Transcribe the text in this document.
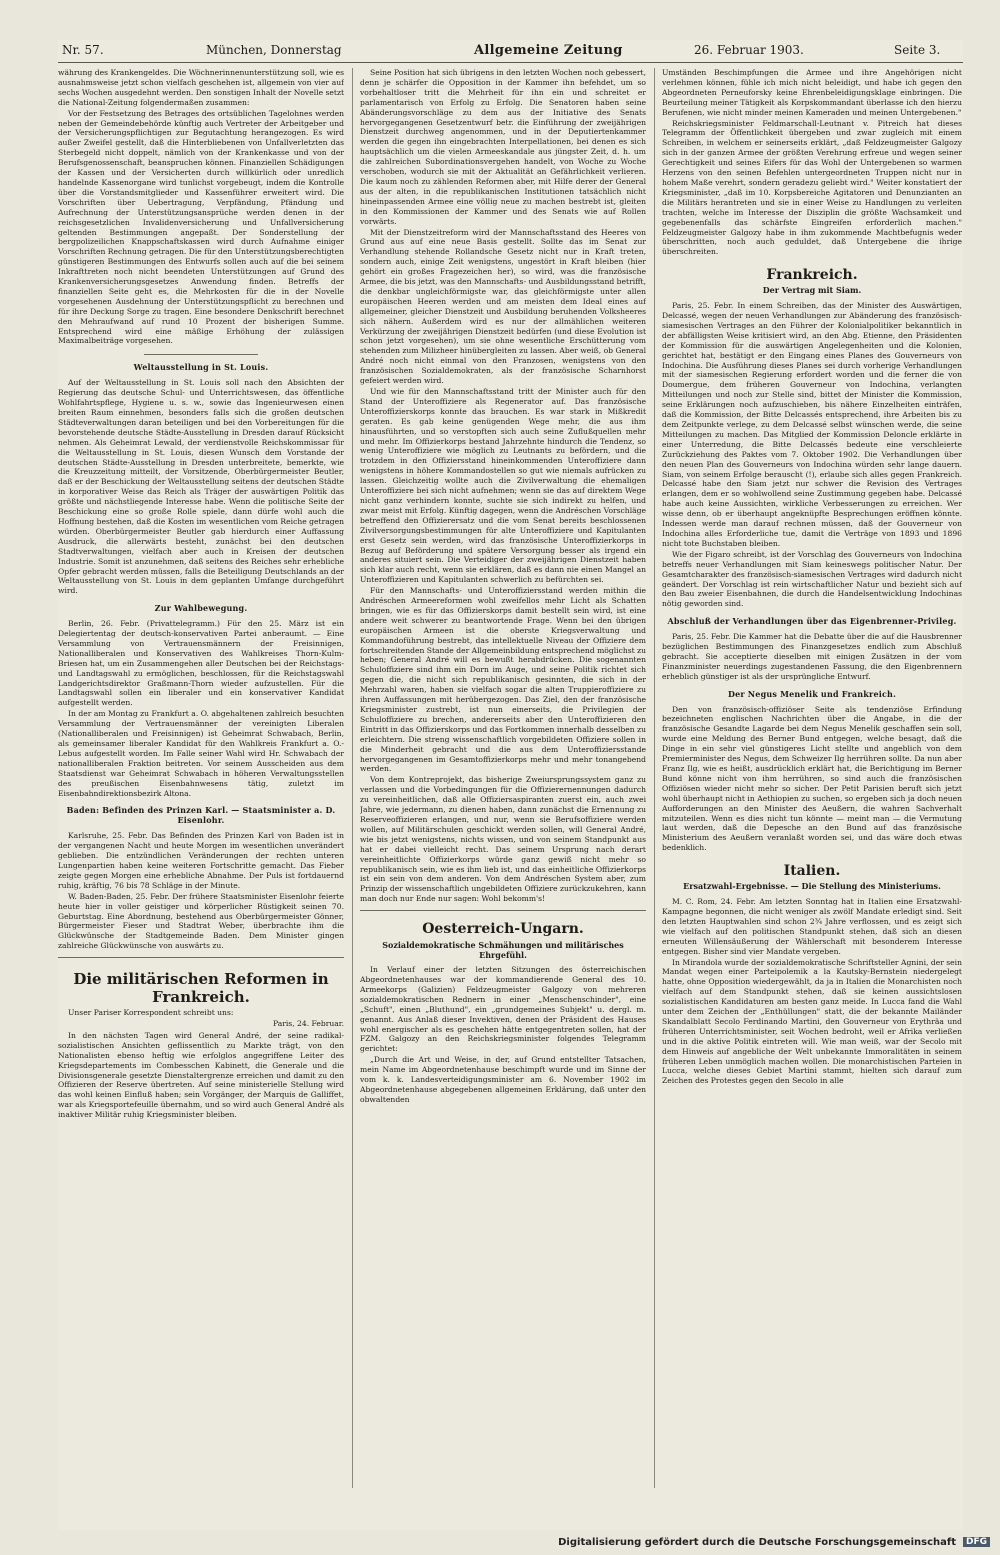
Nr. 57.	München, Donnerstag	Allgemeine Zeitung	26. Februar 1903.	Seite 3.

währung des Krankengeldes. Die Wöchnerinnenunterstützung soll, wie es ausnahmsweise jetzt schon vielfach geschehen ist, allgemein von vier auf sechs Wochen ausgedehnt werden. Den sonstigen Inhalt der Novelle setzt die National-Zeitung folgendermaßen zusammen:

Vor der Festsetzung des Betrages des ortsüblichen Tagelohnes werden neben der Gemeindebehörde künftig auch Vertreter der Arbeitgeber und der Versicherungspflichtigen zur Begutachtung herangezogen. Es wird außer Zweifel gestellt, daß die Hinterbliebenen von Unfallverletzten das Sterbegeld nicht doppelt, nämlich von der Krankenkasse und von der Berufsgenossenschaft, beanspruchen können. Finanziellen Schädigungen der Kassen und der Versicherten durch willkürlich oder unredlich handelnde Kassenorgane wird tunlichst vorgebeugt, indem die Kontrolle über die Vorstandsmitglieder und Kassenführer erweitert wird. Die Vorschriften über Uebertragung, Verpfändung, Pfändung und Aufrechnung der Unterstützungsansprüche werden denen in der reichsgesetzlichen Invalidenversicherung und Unfallversicherung geltenden Bestimmungen angepaßt. Der Sonderstellung der bergpolizeilichen Knappschaftskassen wird durch Aufnahme einiger Vorschriften Rechnung getragen. Die für den Unterstützungsberechtigten günstigeren Bestimmungen des Entwurfs sollen auch auf die bei seinem Inkrafttreten noch nicht beendeten Unterstützungen auf Grund des Krankenversicherungsgesetzes Anwendung finden. Betreffs der finanziellen Seite geht es, die Mehrkosten für die in der Novelle vorgesehenen Ausdehnung der Unterstützungspflicht zu berechnen und für ihre Deckung Sorge zu tragen. Eine besondere Denkschrift berechnet den Mehraufwand auf rund 10 Prozent der bisherigen Summe. Entsprechend wird eine mäßige Erhöhung der zulässigen Maximalbeiträge vorgesehen.

Weltausstellung in St. Louis.

Auf der Weltausstellung in St. Louis soll nach den Absichten der Regierung das deutsche Schul- und Unterrichtswesen, das öffentliche Wohlfahrtspflege, Hygiene u. s. w., sowie das Ingenieurwesen einen breiten Raum einnehmen, besonders falls sich die großen deutschen Städteverwaltungen daran beteiligen und bei den Vorbereitungen für die bevorstehende deutsche Städte-Ausstellung in Dresden darauf Rücksicht nehmen. Als Geheimrat Lewald, der verdienstvolle Reichskommissar für die Weltausstellung in St. Louis, diesen Wunsch dem Vorstande der deutschen Städte-Ausstellung in Dresden unterbreitete, bemerkte, wie die Kreuzzeitung mitteilt, der Vorsitzende, Oberbürgermeister Beutler, daß er der Beschickung der Weltausstellung seitens der deutschen Städte in korporativer Weise das Reich als Träger der auswärtigen Politik das größte und nächstliegende Interesse habe. Wenn die politische Seite der Beschickung eine so große Rolle spiele, dann dürfe wohl auch die Hoffnung bestehen, daß die Kosten im wesentlichen vom Reiche getragen würden. Oberbürgermeister Beutler gab hierdurch einer Auffassung Ausdruck, die allerwärts besteht, zunächst bei den deutschen Stadtverwaltungen, vielfach aber auch in Kreisen der deutschen Industrie. Somit ist anzunehmen, daß seitens des Reiches sehr erhebliche Opfer gebracht werden müssen, falls die Beteiligung Deutschlands an der Weltausstellung von St. Louis in dem geplanten Umfange durchgeführt wird.

Zur Wahlbewegung.

Berlin, 26. Febr. (Privattelegramm.) Für den 25. März ist ein Delegiertentag der deutsch-konservativen Partei anberaumt. — Eine Versammlung von Vertrauensmännern der Freisinnigen, Nationalliberalen und Konservativen des Wahlkreises Thorn-Kulm-Briesen hat, um ein Zusammengehen aller Deutschen bei der Reichstags- und Landtagswahl zu ermöglichen, beschlossen, für die Reichstagswahl Landgerichtsdirektor Graßmann-Thorn wieder aufzustellen. Für die Landtagswahl sollen ein liberaler und ein konservativer Kandidat aufgestellt werden.

In der am Montag zu Frankfurt a. O. abgehaltenen zahlreich besuchten Versammlung der Vertrauensmänner der vereinigten Liberalen (Nationalliberalen und Freisinnigen) ist Geheimrat Schwabach, Berlin, als gemeinsamer liberaler Kandidat für den Wahlkreis Frankfurt a. O.-Lebus aufgestellt worden. Im Falle seiner Wahl wird Hr. Schwabach der nationalliberalen Fraktion beitreten. Vor seinem Ausscheiden aus dem Staatsdienst war Geheimrat Schwabach in höheren Verwaltungsstellen des preußischen Eisenbahnwesens tätig, zuletzt im Eisenbahndirektionsbezirk Altona.

Baden: Befinden des Prinzen Karl. — Staatsminister a. D. Eisenlohr.

Karlsruhe, 25. Febr. Das Befinden des Prinzen Karl von Baden ist in der vergangenen Nacht und heute Morgen im wesentlichen unverändert geblieben. Die entzündlichen Veränderungen der rechten unteren Lungenpartien haben keine weiteren Fortschritte gemacht. Das Fieber zeigte gegen Morgen eine erhebliche Abnahme. Der Puls ist fortdauernd ruhig, kräftig, 76 bis 78 Schläge in der Minute.

W. Baden-Baden, 25. Febr. Der frühere Staatsminister Eisenlohr feierte heute hier in voller geistiger und körperlicher Rüstigkeit seinen 70. Geburtstag. Eine Abordnung, bestehend aus Oberbürgermeister Gönner, Bürgermeister Fieser und Stadtrat Weber, überbrachte ihm die Glückwünsche der Stadtgemeinde Baden. Dem Minister gingen zahlreiche Glückwünsche von auswärts zu.

Die militärischen Reformen in Frankreich.

Unser Pariser Korrespondent schreibt uns:

Paris, 24. Februar.

In den nächsten Tagen wird General André, der seine radikal-sozialistischen Ansichten geflissentlich zu Markte trägt, von den Nationalisten ebenso heftig wie erfolglos angegriffene Leiter des Kriegsdepartements im Combesschen Kabinett, die Generale und die Divisionsgenerale gesetzte Dienstaltergrenze erreichen und damit zu den Offizieren der Reserve übertreten. Auf seine ministerielle Stellung wird das wohl keinen Einfluß haben; sein Vorgänger, der Marquis de Galliffet, war als Kriegsportefeuille übernahm, und so wird auch General André als inaktiver Militär ruhig Kriegsminister bleiben.

Seine Position hat sich übrigens in den letzten Wochen noch gebessert, denn je schärfer die Opposition in der Kammer ihn befehdet, um so vorbehaltloser tritt die Mehrheit für ihn ein und schreitet er parlamentarisch von Erfolg zu Erfolg. Die Senatoren haben seine Abänderungsvorschläge zu dem aus der Initiative des Senats hervorgegangenen Gesetzentwurf betr. die Einführung der zweijährigen Dienstzeit durchweg angenommen, und in der Deputiertenkammer werden die gegen ihn eingebrachten Interpellationen, bei denen es sich hauptsächlich um die vielen Armeeskandale aus jüngster Zeit, d. h. um die zahlreichen Subordinationsvergehen handelt, von Woche zu Woche verschoben, wodurch sie mit der Aktualität an Gefährlichkeit verlieren. Die kaum noch zu zählenden Reformen aber, mit Hilfe derer der General aus der alten, in die republikanischen Institutionen tatsächlich nicht hineinpassenden Armee eine völlig neue zu machen bestrebt ist, gleiten in den Kommissionen der Kammer und des Senats wie auf Rollen vorwärts.

Mit der Dienstzeitreform wird der Mannschaftsstand des Heeres von Grund aus auf eine neue Basis gestellt. Sollte das im Senat zur Verhandlung stehende Rollandsche Gesetz nicht nur in Kraft treten, sondern auch, einige Zeit wenigstens, ungestört in Kraft bleiben (hier gehört ein großes Fragezeichen her), so wird, was die französische Armee, die bis jetzt, was den Mannschafts- und Ausbildungsstand betrifft, die denkbar ungleichförmigste war, das gleichförmigste unter allen europäischen Heeren werden und am meisten dem Ideal eines auf allgemeiner, gleicher Dienstzeit und Ausbildung beruhenden Volksheeres sich nähern. Außerdem wird es nur der allmählichen weiteren Verkürzung der zweijährigen Dienstzeit bedürfen (und diese Evolution ist schon jetzt vorgesehen), um sie ohne wesentliche Erschütterung vom stehenden zum Milizheer hinübergleiten zu lassen. Aber weiß, ob General André noch nicht einmal von den Franzosen, wenigstens von den französischen Sozialdemokraten, als der französische Scharnhorst gefeiert werden wird.

Und wie für den Mannschaftsstand tritt der Minister auch für den Stand der Unteroffiziere als Regenerator auf. Das französische Unteroffizierskorps konnte das brauchen. Es war stark in Mißkredit geraten. Es gab keine genügenden Wege mehr, die aus ihm hinausführten, und so verstopften sich auch seine Zuflußquellen mehr und mehr. Im Offizierkorps bestand Jahrzehnte hindurch die Tendenz, so wenig Unteroffiziere wie möglich zu Leutnants zu befördern, und die trotzdem in den Offiziersstand hineinkommenden Unteroffiziere dann wenigstens in höhere Kommandostellen so gut wie niemals aufrücken zu lassen. Gleichzeitig wollte auch die Zivilverwaltung die ehemaligen Unteroffiziere bei sich nicht aufnehmen; wenn sie das auf direktem Wege nicht ganz verhindern konnte, suchte sie sich indirekt zu helfen, und zwar meist mit Erfolg. Künftig dagegen, wenn die Andréschen Vorschläge betreffend den Offizierersatz und die vom Senat bereits beschlossenen Zivilversorgungsbestimmungen für alte Unteroffiziere und Kapitulanten erst Gesetz sein werden, wird das französische Unteroffizierkorps in Bezug auf Beförderung und spätere Versorgung besser als irgend ein anderes situiert sein. Die Verteidiger der zweijährigen Dienstzeit haben sich klar auch recht, wenn sie erklären, daß es dann nie einen Mangel an Unteroffizieren und Kapitulanten schwerlich zu befürchten sei.

Für den Mannschafts- und Unteroffiziersstand werden mithin die Andréschen Armeereformen wohl zweifellos mehr Licht als Schatten bringen, wie es für das Offizierskorps damit bestellt sein wird, ist eine andere weit schwerer zu beantwortende Frage. Wenn bei den übrigen europäischen Armeen ist die oberste Kriegsverwaltung und Kommandoführung bestrebt, das intellektuelle Niveau der Offiziere dem fortschreitenden Stande der Allgemeinbildung entsprechend möglichst zu heben; General André will es bewußt herabdrücken. Die sogenannten Schuloffiziere sind ihm ein Dorn im Auge, und seine Politik richtet sich gegen die, die nicht sich republikanisch gesinnten, die sich in der Mehrzahl waren, haben sie vielfach sogar die alten Truppieroffiziere zu ihren Auffassungen mit herübergezogen. Das Ziel, den der französische Kriegsminister zustrebt, ist nun einerseits, die Privilegien der Schuloffiziere zu brechen, andererseits aber den Unteroffizieren den Eintritt in das Offizierskorps und das Fortkommen innerhalb desselben zu erleichtern. Die streng wissenschaftlich vorgebildeten Offiziere sollen in die Minderheit gebracht und die aus dem Unteroffiziersstande hervorgegangenen im Gesamtoffizierkorps mehr und mehr tonangebend werden.

Von dem Kontreprojekt, das bisherige Zweiursprungssystem ganz zu verlassen und die Vorbedingungen für die Offizierernennungen dadurch zu vereinheitlichen, daß alle Offiziersaspiranten zuerst ein, auch zwei Jahre, wie jedermann, zu dienen haben, dann zunächst die Ernennung zu Reserveoffizieren erlangen, und nur, wenn sie Berufsoffiziere werden wollen, auf Militärschulen geschickt werden sollen, will General André, wie bis jetzt wenigstens, nichts wissen, und von seinem Standpunkt aus hat er dabei vielleicht recht. Das seinem Ursprung nach derart vereinheitlichte Offizierkorps würde ganz gewiß nicht mehr so republikanisch sein, wie es ihm lieb ist, und das einheitliche Offizierkorps ist ein sein von dem anderen. Von dem Andréschen System aber, zum Prinzip der wissenschaftlich ungebildeten Offiziere zurückzukehren, kann man doch nur Ende nur sagen: Wohl bekomm's!

Oesterreich-Ungarn.
Sozialdemokratische Schmähungen und militärisches Ehrgefühl.

In Verlauf einer der letzten Sitzungen des österreichischen Abgeordnetenhauses war der kommandierende General des 10. Armeekorps (Galizien) Feldzeugmeister Galgozy von mehreren sozialdemokratischen Rednern in einer „Menschenschinder", eine „Schuft", einen „Bluthund", ein „grundgemeines Subjekt" u. dergl. m. genannt. Aus Anlaß dieser Invektiven, denen der Präsident des Hauses wohl energischer als es geschehen hätte entgegentreten sollen, hat der FZM. Galgozy an den Reichskriegsminister folgendes Telegramm gerichtet:

„Durch die Art und Weise, in der, auf Grund entstellter Tatsachen, mein Name im Abgeordnetenhause beschimpft wurde und im Sinne der vom k. k. Landesverteidigungsminister am 6. November 1902 im Abgeordnetenhause abgegebenen allgemeinen Erklärung, daß unter den obwaltenden

Umständen Beschimpfungen die Armee und ihre Angehörigen nicht verlehmen können, fühle ich mich nicht beleidigt, und habe ich gegen den Abgeordneten Perneuforsky keine Ehrenbeleidigungsklage einbringen. Die Beurteilung meiner Tätigkeit als Korpskommandant überlasse ich den hierzu Berufenen, wie nicht minder meinen Kameraden und meinen Untergebenen."

Reichskriegsminister Feldmarschall-Leutnant v. Pitreich hat dieses Telegramm der Öffentlichkeit übergeben und zwar zugleich mit einem Schreiben, in welchem er seinerseits erklärt, „daß Feldzeugmeister Galgozy sich in der ganzen Armee der größten Verehrung erfreue und wegen seiner Gerechtigkeit und seines Eifers für das Wohl der Untergebenen so warmen Herzens von den seinen Befehlen untergeordneten Truppen nicht nur in hohem Maße verehrt, sondern geradezu geliebt wird." Weiter konstatiert der Kriegsminister, „daß im 10. Korpsbereiche Agitatoren und Denunzianten an die Militärs herantreten und sie in einer Weise zu Handlungen zu verleiten trachten, welche im Interesse der Disziplin die größte Wachsamkeit und gegebenenfalls das schärfste Eingreifen erforderlich machen." Feldzeugmeister Galgozy habe in ihm zukommende Machtbefugnis weder überschritten, noch auch geduldet, daß Untergebene die ihrige überschreiten.

Frankreich.
Der Vertrag mit Siam.

Paris, 25. Febr. In einem Schreiben, das der Minister des Auswärtigen, Delcassé, wegen der neuen Verhandlungen zur Abänderung des französisch-siamesischen Vertrages an den Führer der Kolonialpolitiker bekanntlich in der abfälligsten Weise kritisiert wird, an den Abg. Etienne, den Präsidenten der Kommission für die auswärtigen Angelegenheiten und die Kolonien, gerichtet hat, bestätigt er den Eingang eines Planes des Gouverneurs von Indochina. Die Ausführung dieses Planes sei durch vorherige Verhandlungen mit der siamesischen Regierung erfordert worden und die ferner die von Doumergue, dem früheren Gouverneur von Indochina, verlangten Mitteilungen und noch zur Stelle sind, bittet der Minister die Kommission, seine Erklärungen noch aufzuschieben, bis nähere Einzelheiten einträfen, daß die Kommission, der Bitte Delcassés entsprechend, ihre Arbeiten bis zu dem Zeitpunkte verlege, zu dem Delcassé selbst wünschen werde, die seine Mitteilungen zu machen. Das Mitglied der Kommission Deloncle erklärte in einer Unterredung, die Bitte Delcassés bedeute eine verschleierte Zurückziehung des Paktes vom 7. Oktober 1902. Die Verhandlungen über den neuen Plan des Gouverneurs von Indochina würden sehr lange dauern. Siam, von seinem Erfolge berauscht (!), erlaube sich alles gegen Frankreich. Delcassé habe den Siam jetzt nur schwer die Revision des Vertrages erlangen, dem er so wohlwollend seine Zustimmung gegeben habe. Delcassé habe auch keine Aussichten, wirkliche Verbesserungen zu erreichen. Wer wisse denn, ob er überhaupt angeknüpfte Besprechungen eröffnen könnte. Indessen werde man darauf rechnen müssen, daß der Gouverneur von Indochina alles Erforderliche tue, damit die Verträge von 1893 und 1896 nicht tote Buchstaben bleiben.

Wie der Figaro schreibt, ist der Vorschlag des Gouverneurs von Indochina betreffs neuer Verhandlungen mit Siam keineswegs politischer Natur. Der Gesamtcharakter des französisch-siamesischen Vertrages wird dadurch nicht geändert. Der Vorschlag ist rein wirtschaftlicher Natur und bezieht sich auf den Bau zweier Eisenbahnen, die durch die Handelsentwicklung Indochinas nötig geworden sind.

Abschluß der Verhandlungen über das Eigenbrenner-Privileg.

Paris, 25. Febr. Die Kammer hat die Debatte über die auf die Hausbrenner bezüglichen Bestimmungen des Finanzgesetzes endlich zum Abschluß gebracht. Sie acceptierte dieselben mit einigen Zusätzen in der vom Finanzminister neuerdings zugestandenen Fassung, die den Eigenbrennern erheblich günstiger ist als der ursprüngliche Entwurf.

Der Negus Menelik und Frankreich.

Den von französisch-offiziöser Seite als tendenziöse Erfindung bezeichneten englischen Nachrichten über die Angabe, in die der französische Gesandte Lagarde bei dem Negus Menelik geschaffen sein soll, wurde eine Meldung des Berner Bund entgegen, welche besagt, daß die Dinge in ein sehr viel günstigeres Licht stellte und angeblich von dem Premierminister des Negus, dem Schweizer Ilg herrühren sollte. Da nun aber Franz Ilg, wie es heißt, ausdrücklich erklärt hat, die Berichtigung im Berner Bund könne nicht von ihm herrühren, so sind auch die französischen Offiziösen wieder nicht mehr so sicher. Der Petit Parisien beruft sich jetzt wohl überhaupt nicht in Aethiopien zu suchen, so ergeben sich ja doch neuen Aufforderungen an den Minister des Aeußern, die wahren Sachverhalt mitzuteilen. Wenn es dies nicht tun könnte — meint man — die Vermutung laut werden, daß die Depesche an den Bund auf das französische Ministerium des Aeußern veranlaßt worden sei, und das wäre doch etwas bedenklich.

Italien.
Ersatzwahl-Ergebnisse. — Die Stellung des Ministeriums.

M. C. Rom, 24. Febr. Am letzten Sonntag hat in Italien eine Ersatzwahl-Kampagne begonnen, die nicht weniger als zwölf Mandate erledigt sind. Seit den letzten Hauptwahlen sind schon 2¾ Jahre verflossen, und es zeigt sich wie vielfach auf den politischen Standpunkt stehen, daß sich an diesen erneuten Willensäußerung der Wählerschaft mit besonderem Interesse entgegen. Bisher sind vier Mandate vergeben.

In Mirandola wurde der sozialdemokratische Schriftsteller Agnini, der sein Mandat wegen einer Parteipolemik a la Kautsky-Bernstein niedergelegt hatte, ohne Opposition wiedergewählt, da ja in Italien die Monarchisten noch vielfach auf dem Standpunkt stehen, daß sie keinen aussichtslosen sozialistischen Kandidaturen am besten ganz meide. In Lucca fand die Wahl unter dem Zeichen der „Enthüllungen" statt, die der bekannte Mailänder Skandalblatt Secolo Ferdinando Martini, den Gouverneur von Erythräa und früheren Unterrichtsminister, seit Wochen bedroht, weil er Afrika verließen und in die aktive Politik eintreten will. Wie man weiß, war der Secolo mit dem Hinweis auf angebliche der Welt unbekannte Immoralitäten in seinem früheren Leben unmöglich machen wollen. Die monarchistischen Parteien in Lucca, welche dieses Gebiet Martini stammt, hielten sich darauf zum Zeichen des Protestes gegen den Secolo in alle

Digitalisierung gefördert durch die Deutsche Forschungsgemeinschaft	DFG
